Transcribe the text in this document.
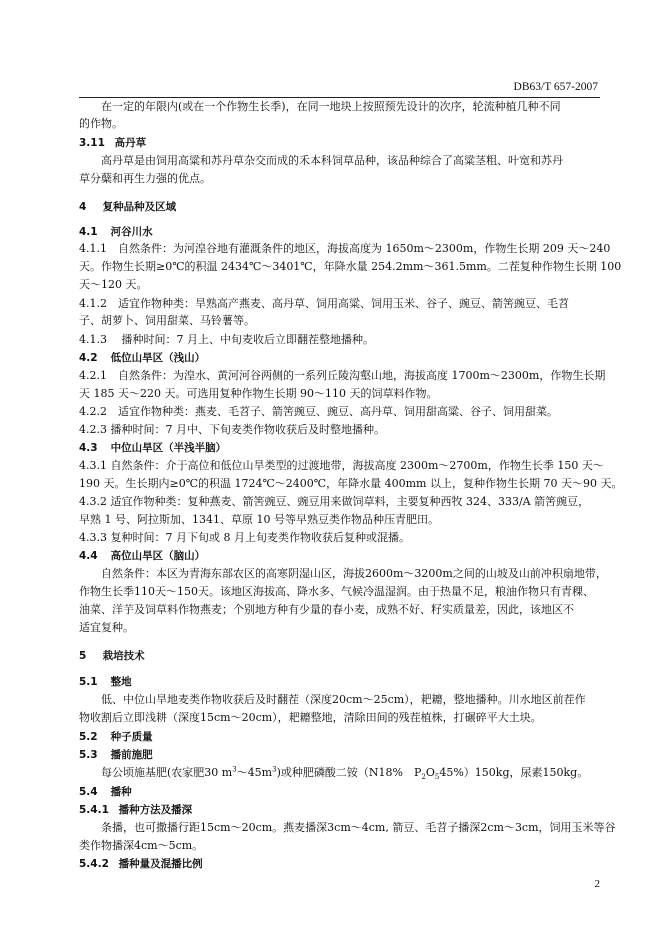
DB63/T 657-2007
在一定的年限内(或在一个作物生长季)，在同一地块上按照预先设计的次序，轮流种植几种不同
的作物。
3.11 高丹草
高丹草是由饲用高粱和苏丹草杂交而成的禾本科饲草品种，该品种综合了高粱茎粗、叶宽和苏丹
草分蘖和再生力强的优点。
4 复种品种及区域
4.1 河谷川水
4.1.1　自然条件：为河湟谷地有灌溉条件的地区，海拔高度为 1650m～2300m，作物生长期 209 天～240
天。作物生长期≥0℃的积温 2434℃～3401℃，年降水量 254.2mm～361.5mm。二茬复种作物生长期 100
天～120 天。
4.1.2　适宜作物种类：旱熟高产燕麦、高丹草、饲用高粱、饲用玉米、谷子、豌豆、箭筈豌豆、毛苕
子、胡萝卜、饲用甜菜、马铃薯等。
4.1.3　 播种时间：7 月上、中旬麦收后立即翻茬整地播种。
4.2 低位山旱区（浅山）
4.2.1　自然条件：为湟水、黄河河谷两侧的一系列丘陵沟壑山地，海拔高度 1700m～2300m，作物生长期
天 185 天～220 天。可选用复种作物生长期 90～110 天的饲草料作物。
4.2.2　适宜作物种类：燕麦、毛苕子、箭筈豌豆、豌豆、高丹草、饲用甜高粱、谷子、饲用甜菜。
4.2.3 播种时间：7 月中、下旬麦类作物收获后及时整地播种。
4.3 中位山旱区（半浅半脑）
4.3.1 自然条件：介于高位和低位山旱类型的过渡地带，海拔高度 2300m～2700m，作物生长季 150 天～
190 天。生长期内≥0℃的积温 1724℃～2400℃，年降水量 400mm 以上，复种作物生长期 70 天～90 天。
4.3.2 适宜作物种类：复种燕麦、箭筈豌豆、豌豆用来做饲草料，主要复种西牧 324、333/A 箭筈豌豆，
早熟 1 号、阿拉斯加、1341、草原 10 号等早熟豆类作物品种压青肥田。
4.3.3 复种时间：7 月下旬或 8 月上旬麦类作物收获后复种或混播。
4.4 高位山旱区（脑山）
自然条件：本区为青海东部农区的高寒阴湿山区，海拔2600m～3200m之间的山坡及山前冲积扇地带，
作物生长季110天～150天。该地区海拔高、降水多、气候冷温湿润。由于热量不足，粮油作物只有青稞、
油菜、洋芋及饲草料作物燕麦；个别地方种有少量的春小麦，成熟不好、籽实质量差，因此，该地区不
适宜复种。
5 栽培技术
5.1 整地
低、中位山旱地麦类作物收获后及时翻茬（深度20cm～25cm），耙耱，整地播种。川水地区前茬作
物收割后立即浅耕（深度15cm～20cm），耙耱整地，清除田间的残茬植株，打碾碎平大土块。
5.2 种子质量
5.3 播前施肥
每公顷施基肥(农家肥30 $m^3\sim 45m^3$)或种肥磷酸二铵（N18%　$P_2O_545\%)150kg$，尿素150kg。
5.4 播种
5.4.1 播种方法及播深
条播，也可撒播行距15cm～20cm。燕麦播深3cm～4cm, 箭豆、毛苕子播深2cm～3cm，饲用玉米等谷
类作物播深4cm～5cm。
5.4.2 播种量及混播比例
2
